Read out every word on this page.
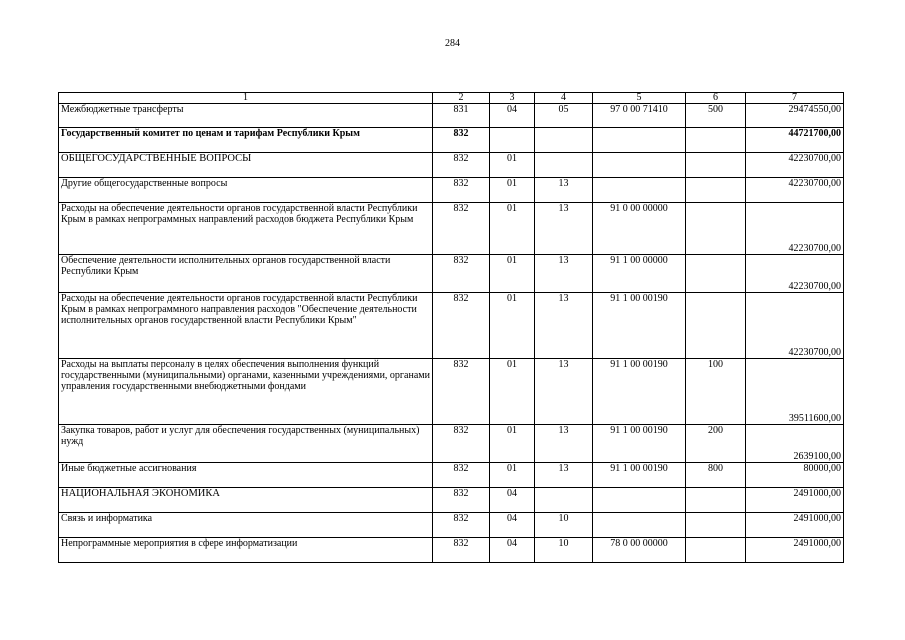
284
1	2	3	4	5	6	7
Межбюджетные трансферты	831	04	05	97 0 00 71410	500	29474550,00
Государственный комитет по ценам и тарифам Республики Крым	832					44721700,00
ОБЩЕГОСУДАРСТВЕННЫЕ ВОПРОСЫ	832	01				42230700,00
Другие общегосударственные вопросы	832	01	13			42230700,00
Расходы на обеспечение деятельности органов государственной власти Республики Крым в рамках непрограммных направлений расходов бюджета Республики Крым	832	01	13	91 0 00 00000		42230700,00
Обеспечение деятельности исполнительных органов государственной власти Республики Крым	832	01	13	91 1 00 00000		42230700,00
Расходы на обеспечение деятельности органов государственной власти Республики Крым в рамках непрограммного направления расходов "Обеспечение деятельности исполнительных органов государственной власти Республики Крым"	832	01	13	91 1 00 00190		42230700,00
Расходы на выплаты персоналу в целях обеспечения выполнения функций государственными (муниципальными) органами, казенными учреждениями, органами управления государственными внебюджетными фондами	832	01	13	91 1 00 00190	100	39511600,00
Закупка товаров, работ и услуг для обеспечения государственных (муниципальных) нужд	832	01	13	91 1 00 00190	200	2639100,00
Иные бюджетные ассигнования	832	01	13	91 1 00 00190	800	80000,00
НАЦИОНАЛЬНАЯ ЭКОНОМИКА	832	04				2491000,00
Связь и информатика	832	04	10			2491000,00
Непрограммные мероприятия в сфере информатизации	832	04	10	78 0 00 00000		2491000,00
